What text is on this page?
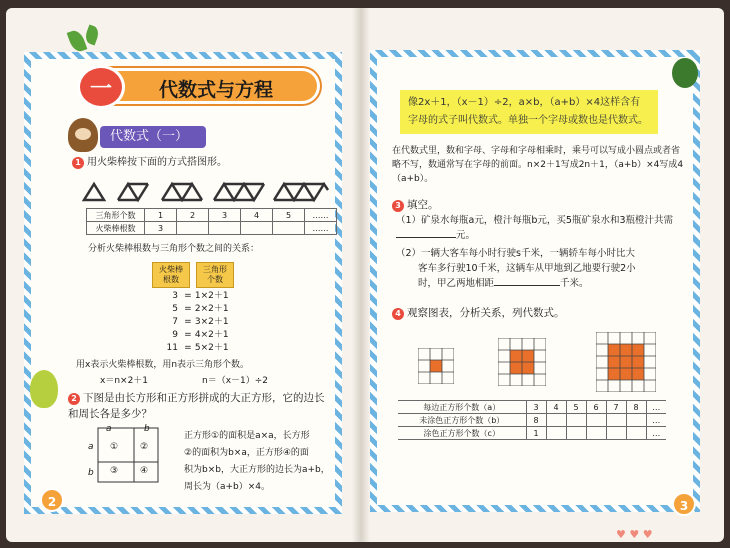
♥ ♥ ♥
一	代数式与方程
代数式（一）
1 用火柴棒按下面的方式搭图形。
三角形个数	1	2	3	4	5	……
火柴棒根数	3					……
分析火柴棒根数与三角形个数之间的关系：
火柴棒根数
三角形个数
3 = 1×2＋1
5 = 2×2＋1
7 = 3×2＋1
9 = 4×2＋1
11 = 5×2＋1
用x表示火柴棒根数，用n表示三角形个数。
x＝n×2＋1	n＝（x－1）÷2
2 下图是由长方形和正方形拼成的大正方形，它的边长和周长各是多少？
a
a
b
b
① ②
③ ④
正方形①的面积是a×a，长方形
②的面积为b×a，正方形④的面
积为b×b，大正方形的边长为a+b，
周长为（a+b）×4。
2
像2x＋1，（x－1）÷2，a×b，（a+b）×4这样含有字母的式子叫代数式。单独一个字母或数也是代数式。
在代数式里，数和字母、字母和字母相乘时，乘号可以写成小圆点或者省略不写，数通常写在字母的前面。n×2＋1写成2n＋1，（a+b）×4写成4（a+b）。
3 填空。
（1）矿泉水每瓶a元，橙汁每瓶b元，买5瓶矿泉水和3瓶橙汁共需元。
（2）一辆大客车每小时行驶s千米，一辆轿车每小时比大
客车多行驶10千米，这辆车从甲地到乙地要行驶2小
时，甲乙两地相距	千米。
4 观察图表，分析关系，列代数式。
每边正方形个数（a）	3	4	5	6	7	8	…
未涂色正方形个数（b）	8						…
涂色正方形个数（c）	1						…
3
